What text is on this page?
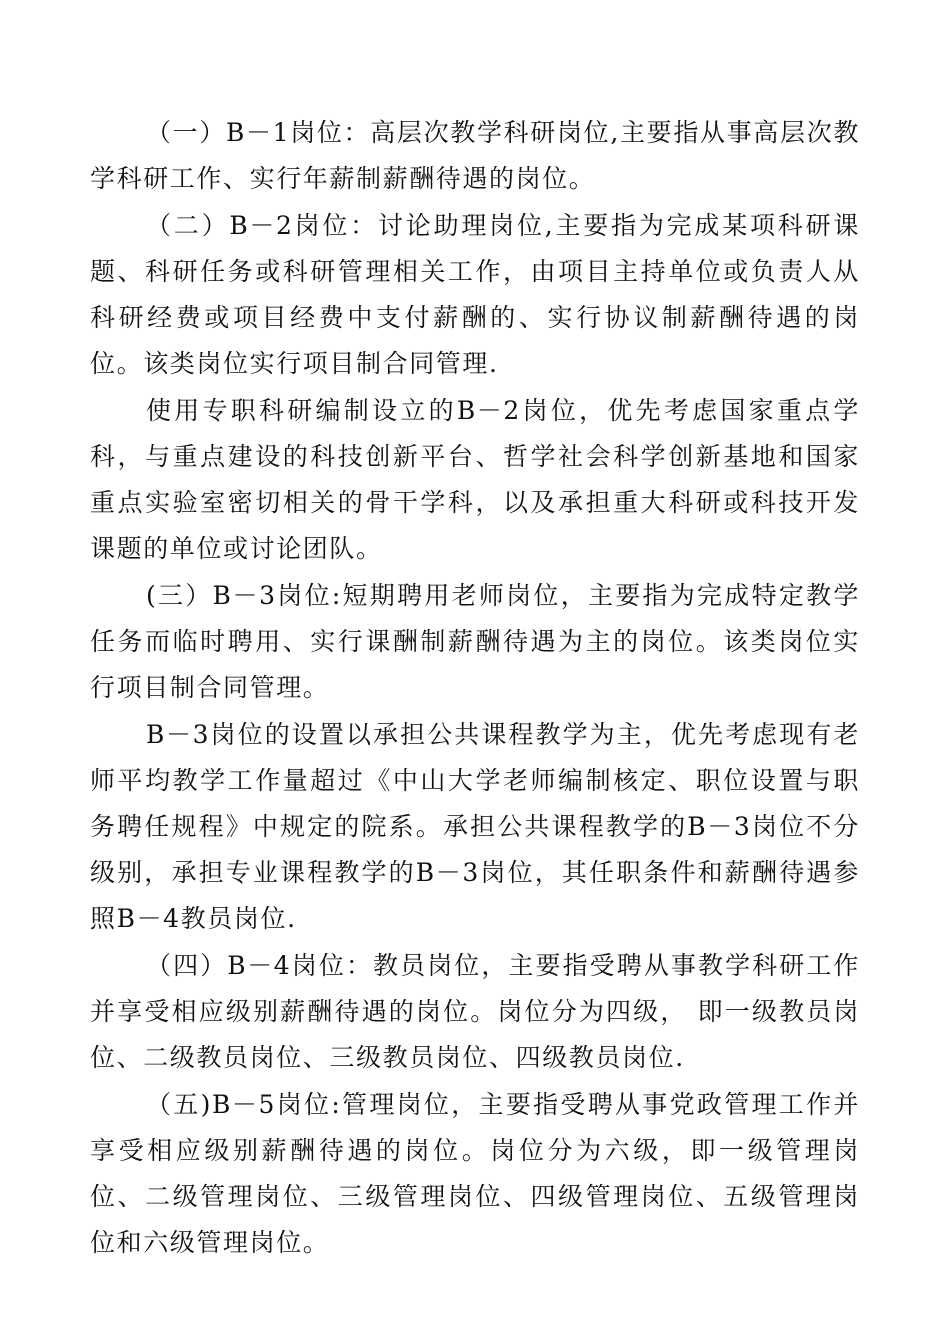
（一）B－1岗位：高层次教学科研岗位,主要指从事高层次教学科研工作、实行年薪制薪酬待遇的岗位。

（二）B－2岗位：讨论助理岗位,主要指为完成某项科研课题、科研任务或科研管理相关工作，由项目主持单位或负责人从科研经费或项目经费中支付薪酬的、实行协议制薪酬待遇的岗位。该类岗位实行项目制合同管理.

使用专职科研编制设立的B－2岗位，优先考虑国家重点学科，与重点建设的科技创新平台、哲学社会科学创新基地和国家重点实验室密切相关的骨干学科，以及承担重大科研或科技开发课题的单位或讨论团队。

(三）B－3岗位:短期聘用老师岗位，主要指为完成特定教学任务而临时聘用、实行课酬制薪酬待遇为主的岗位。该类岗位实行项目制合同管理。

B－3岗位的设置以承担公共课程教学为主，优先考虑现有老师平均教学工作量超过《中山大学老师编制核定、职位设置与职务聘任规程》中规定的院系。承担公共课程教学的B－3岗位不分级别，承担专业课程教学的B－3岗位，其任职条件和薪酬待遇参照B－4教员岗位.

（四）B－4岗位：教员岗位，主要指受聘从事教学科研工作并享受相应级别薪酬待遇的岗位。岗位分为四级， 即一级教员岗位、二级教员岗位、三级教员岗位、四级教员岗位.

（五)B－5岗位:管理岗位，主要指受聘从事党政管理工作并享受相应级别薪酬待遇的岗位。岗位分为六级，即一级管理岗位、二级管理岗位、三级管理岗位、四级管理岗位、五级管理岗位和六级管理岗位。
